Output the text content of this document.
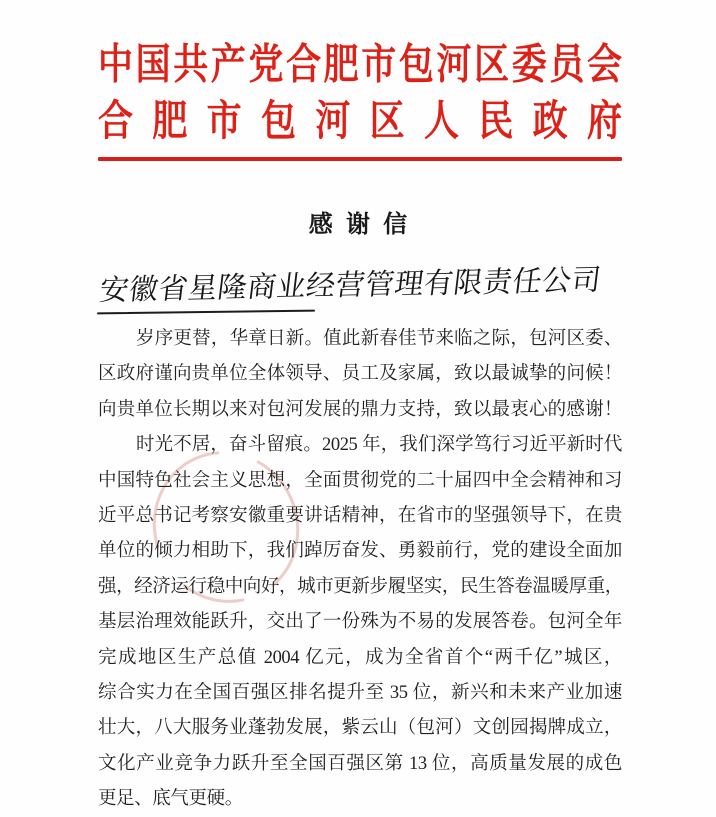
中国共产党合肥市包河区委员会
合肥市包河区人民政府
感谢信
安徽省星隆商业经营管理有限责任公司
岁序更替，华章日新。值此新春佳节来临之际，包河区委、
区政府谨向贵单位全体领导、员工及家属，致以最诚挚的问候！
向贵单位长期以来对包河发展的鼎力支持，致以最衷心的感谢！
时光不居，奋斗留痕。2025 年，我们深学笃行习近平新时代
中国特色社会主义思想，全面贯彻党的二十届四中全会精神和习
近平总书记考察安徽重要讲话精神，在省市的坚强领导下，在贵
单位的倾力相助下，我们踔厉奋发、勇毅前行，党的建设全面加
强，经济运行稳中向好，城市更新步履坚实，民生答卷温暖厚重，
基层治理效能跃升，交出了一份殊为不易的发展答卷。包河全年
完成地区生产总值 2004 亿元，成为全省首个“两千亿”城区，
综合实力在全国百强区排名提升至 35 位，新兴和未来产业加速
壮大，八大服务业蓬勃发展，紫云山（包河）文创园揭牌成立，
文化产业竞争力跃升至全国百强区第 13 位，高质量发展的成色
更足、底气更硬。
